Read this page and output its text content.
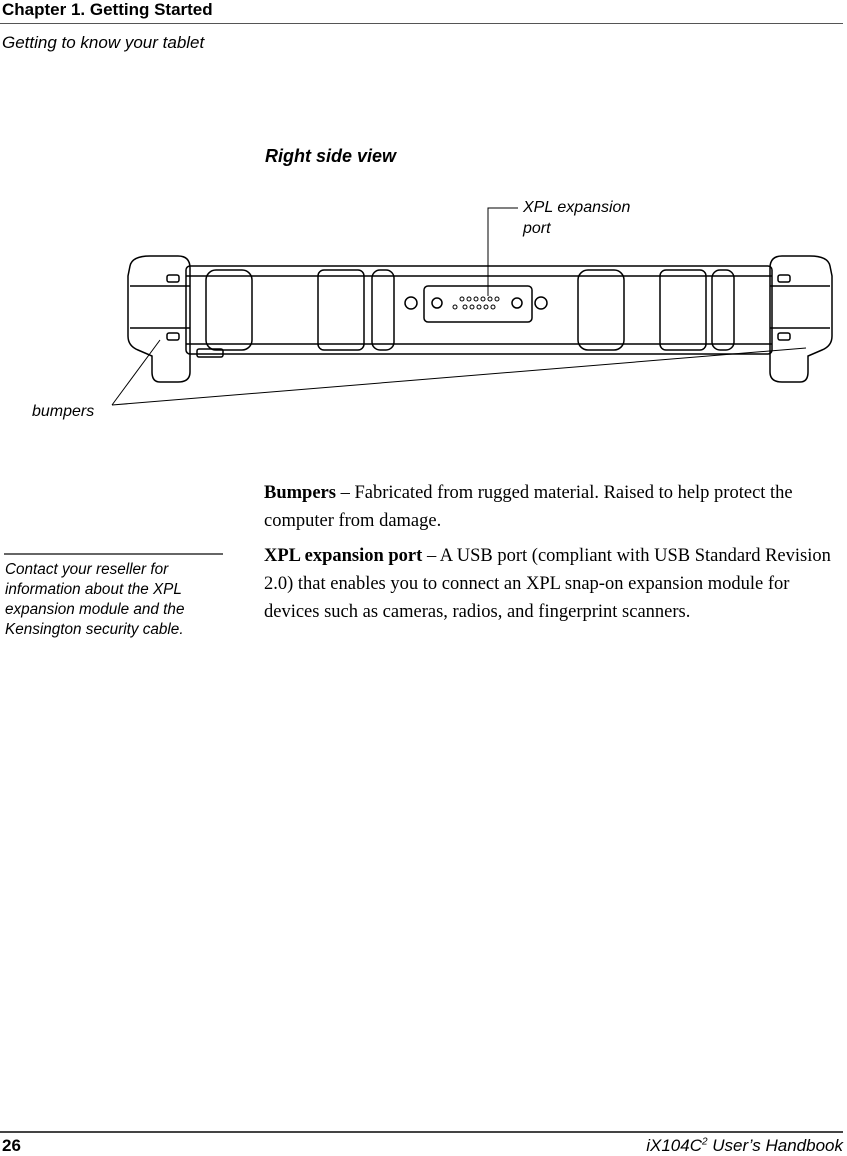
Chapter 1. Getting Started
Getting to know your tablet
Right side view
XPL expansion
port
bumpers
Bumpers – Fabricated from rugged material. Raised to help protect the computer from damage.
Contact your reseller for information about the XPL expansion module and the Kensington security cable.
XPL expansion port – A USB port (compliant with USB Standard Revision 2.0) that enables you to connect an XPL snap-on expansion module for devices such as cameras, radios, and fingerprint scanners.
26	$iX104C^2$ User’s Handbook
